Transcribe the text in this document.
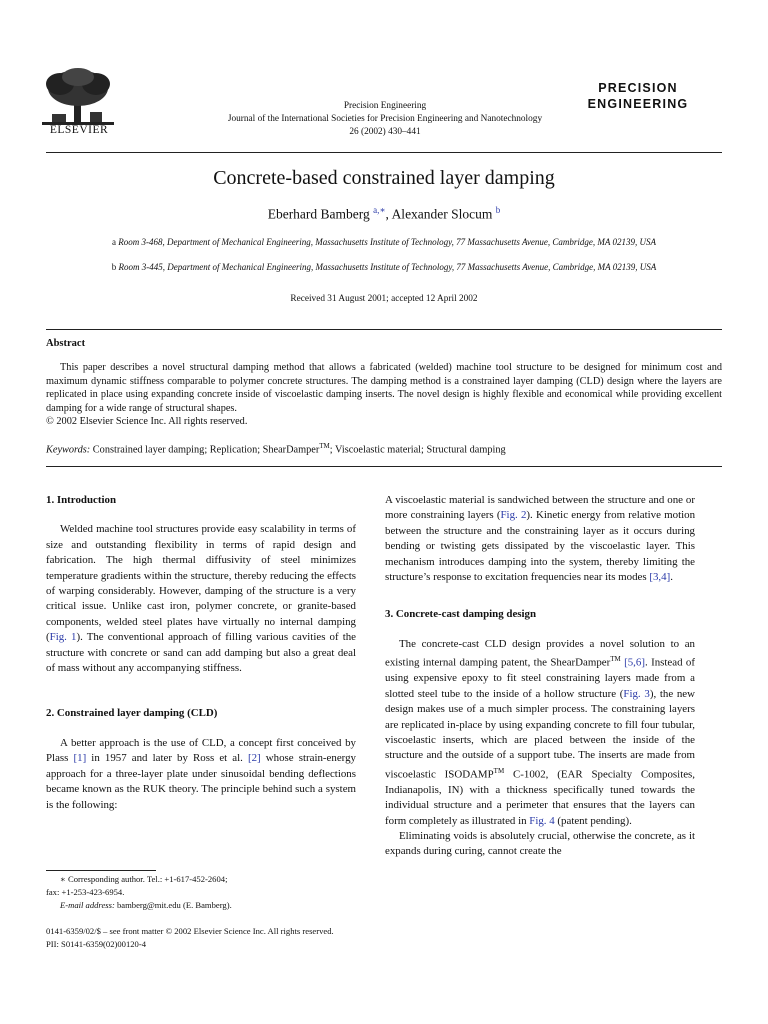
ELSEVIER
Precision Engineering
Journal of the International Societies for Precision Engineering and Nanotechnology
26 (2002) 430–441
PRECISION
ENGINEERING
Concrete-based constrained layer damping
Eberhard Bamberg $^{a,∗}$, Alexander Slocum $^b$
a Room 3-468, Department of Mechanical Engineering, Massachusetts Institute of Technology, 77 Massachusetts Avenue, Cambridge, MA 02139, USA
b Room 3-445, Department of Mechanical Engineering, Massachusetts Institute of Technology, 77 Massachusetts Avenue, Cambridge, MA 02139, USA
Received 31 August 2001; accepted 12 April 2002
Abstract

This paper describes a novel structural damping method that allows a fabricated (welded) machine tool structure to be designed for minimum cost and maximum dynamic stiffness comparable to polymer concrete structures. The damping method is a constrained layer damping (CLD) design where the layers are replicated in place using expanding concrete inside of viscoelastic damping inserts. The novel design is highly flexible and economical while providing excellent damping for a wide range of structural shapes.

© 2002 Elsevier Science Inc. All rights reserved.

Keywords: Constrained layer damping; Replication; ShearDamper™; Viscoelastic material; Structural damping
1. Introduction

Welded machine tool structures provide easy scalability in terms of size and outstanding flexibility in terms of rapid design and fabrication. The high thermal diffusivity of steel minimizes temperature gradients within the structure, thereby reducing the effects of warping considerably. However, damping of the structure is a very critical issue. Unlike cast iron, polymer concrete, or granite-based components, welded steel plates have virtually no internal damping (Fig. 1). The conventional approach of filling various cavities of the structure with concrete or sand can add damping but also a great deal of mass without any accompanying stiffness.

2. Constrained layer damping (CLD)

A better approach is the use of CLD, a concept first conceived by Plass [1] in 1957 and later by Ross et al. [2] whose strain-energy approach for a three-layer plate under sinusoidal bending deflections became known as the RUK theory. The principle behind such a system is the following:

A viscoelastic material is sandwiched between the structure and one or more constraining layers (Fig. 2). Kinetic energy from relative motion between the structure and the constraining layer as it occurs during bending or twisting gets dissipated by the viscoelastic layer. This mechanism introduces damping into the system, thereby limiting the structure’s response to excitation frequencies near its modes [3,4].

3. Concrete-cast damping design

The concrete-cast CLD design provides a novel solution to an existing internal damping patent, the ShearDamper™ [5,6]. Instead of using expensive epoxy to fit steel constraining layers made from a slotted steel tube to the inside of a hollow structure (Fig. 3), the new design makes use of a much simpler process. The constraining layers are replicated in-place by using expanding concrete to fill four tubular, viscoelastic inserts, which are placed between the inside of the structure and the outside of a support tube. The inserts are made from viscoelastic ISODAMP™ C-1002, (EAR Specialty Composites, Indianapolis, IN) with a thickness specifically tuned towards the individual structure and a perimeter that ensures that the layers can form completely as illustrated in Fig. 4 (patent pending).

Eliminating voids is absolutely crucial, otherwise the concrete, as it expands during curing, cannot create the

∗ Corresponding author. Tel.: +1-617-452-2604;
fax: +1-253-423-6954.
E-mail address: bamberg@mit.edu (E. Bamberg).
0141-6359/02/$ – see front matter © 2002 Elsevier Science Inc. All rights reserved.
PII: S0141-6359(02)00120-4
